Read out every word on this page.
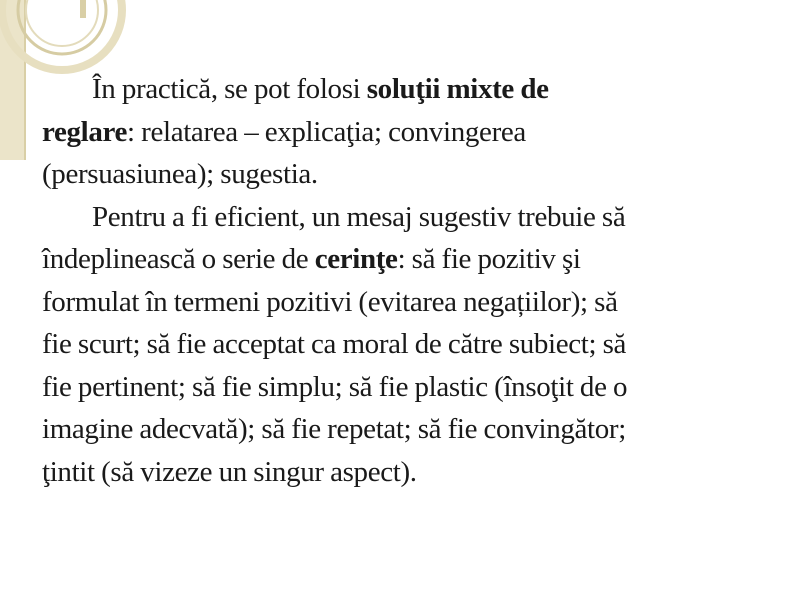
În practică, se pot folosi soluţii mixte de
reglare: relatarea – explicaţia; convingerea
(persuasiunea); sugestia.

Pentru a fi eficient, un mesaj sugestiv trebuie să
îndeplinească o serie de cerinţe: să fie pozitiv şi
formulat în termeni pozitivi (evitarea negațiilor); să
fie scurt; să fie acceptat ca moral de către subiect; să
fie pertinent; să fie simplu; să fie plastic (însoţit de o
imagine adecvată); să fie repetat; să fie convingător;
ţintit (să vizeze un singur aspect).
